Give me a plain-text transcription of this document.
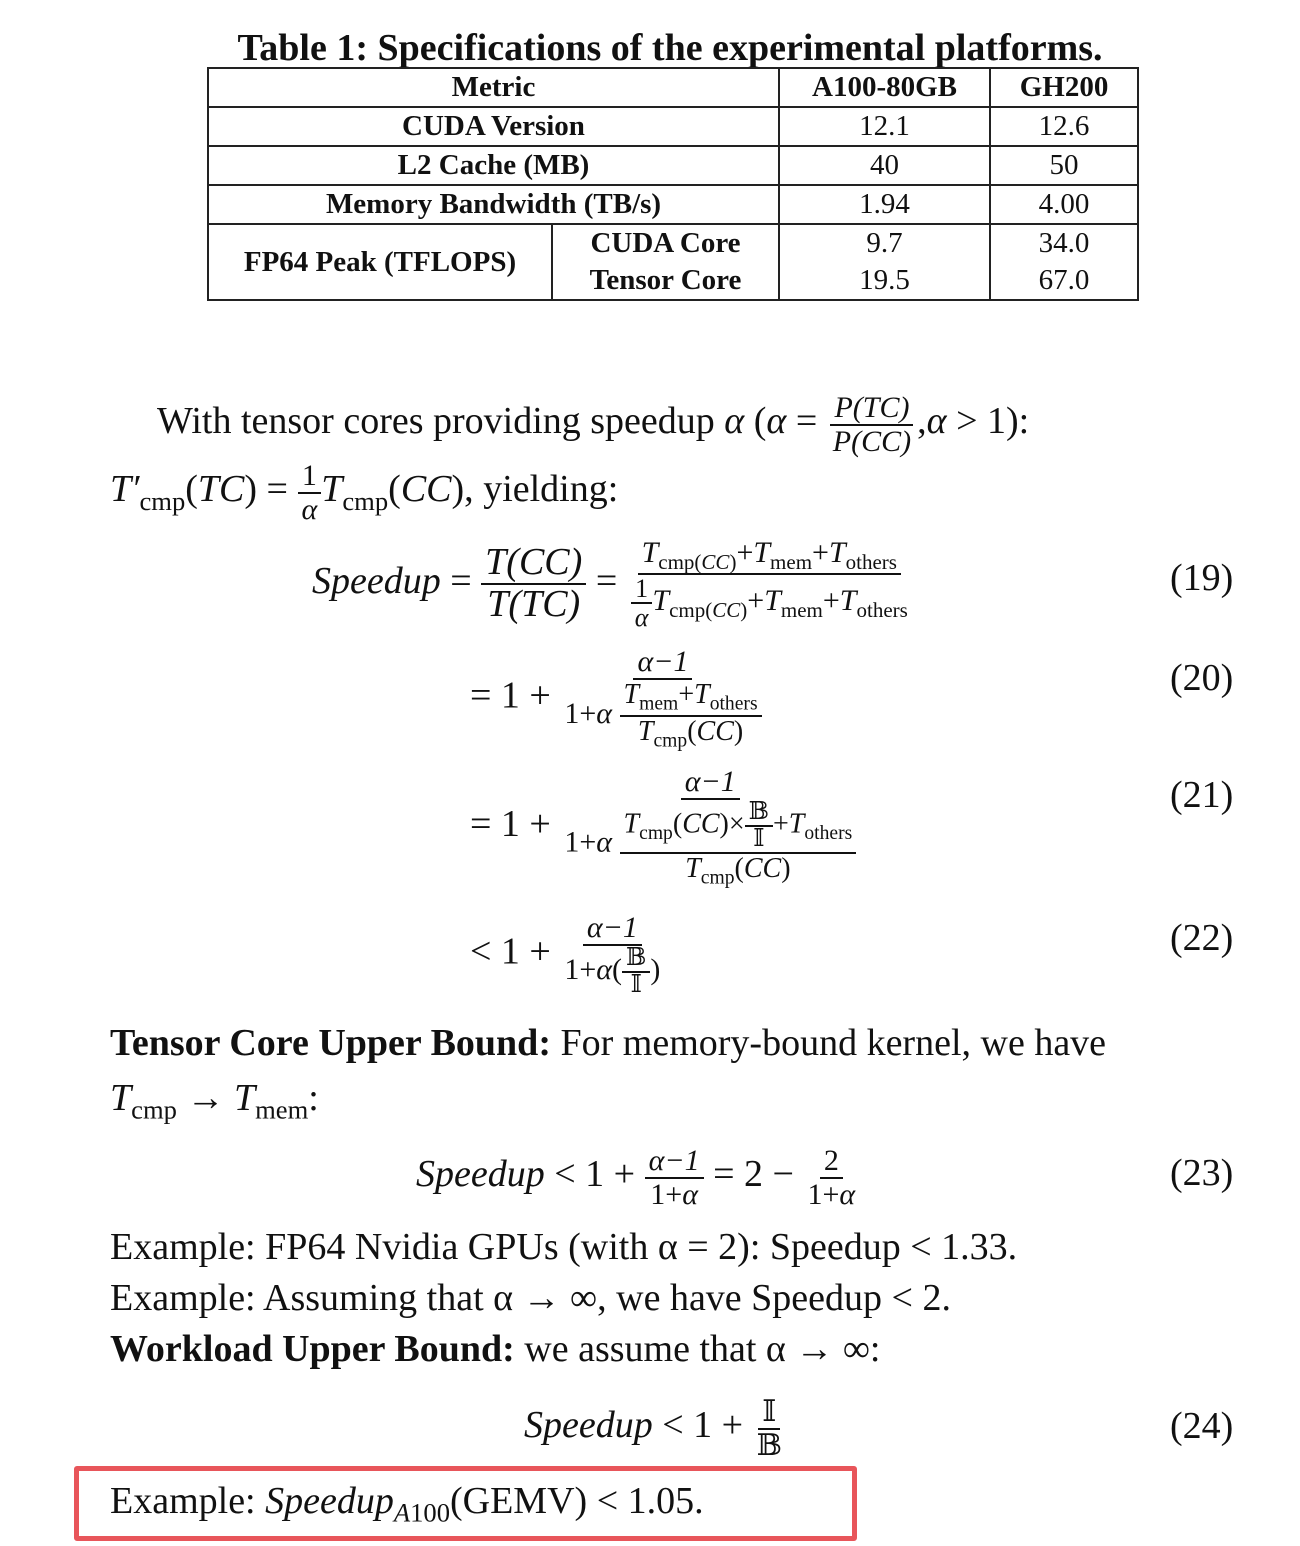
Table 1: Specifications of the experimental platforms.
Metric		A100-80GB	GH200
CUDA Version		12.1	12.6
L2 Cache (MB)		40	50
Memory Bandwidth (TB/s)		1.94	4.00
FP64 Peak (TFLOPS)	CUDA Core	9.7	34.0
	Tensor Core	19.5	67.0
With tensor cores providing speedup α $(\alpha = \frac{P(TC)}{P(CC)} ,\alpha > 1)$:
$T'_{cmp}(TC) = \frac{1}{\alpha} T_{cmp}(CC)$, yielding:
Speedup = $\frac{T(CC)}{T(TC)} = \frac{T_{cmp(CC)}+T_{mem}+T_{others}}{\frac{1}{\alpha} T_{cmp(CC)}+T_{mem}+T_{others}}$	(19)
= $1 + \frac{\alpha-1}{1+\alpha \frac{T_{mem}+T_{others}}{T_{cmp}(CC)}}$	(20)
= $1 + \frac{\alpha-1}{1+\alpha \frac{T_{cmp}(CC)\times \frac{\text{𝔹}}{\text{𝕀}} +T_{others}}{T_{cmp}(CC)}}$	(21)
< $1 + \frac{\alpha-1}{1+\alpha( \frac{\text{𝔹}}{\text{𝕀}} )}$	(22)
Tensor Core Upper Bound: For memory-bound kernel, we have
$T_{cmp} \to T_{mem}$:
Speedup < $1 + \frac{\alpha-1}{1+\alpha} = 2 - \frac{2}{1+\alpha}$	(23)
Example: FP64 Nvidia GPUs (with α = 2): Speedup < 1.33.
Example: Assuming that α → ∞, we have Speedup < 2.
Workload Upper Bound: we assume that α → ∞:
Speedup < $1 + \frac{\text{𝕀}}{\text{𝔹}}$	(24)
Example: Speedup$_{A100}$(GEMV) < 1.05.
